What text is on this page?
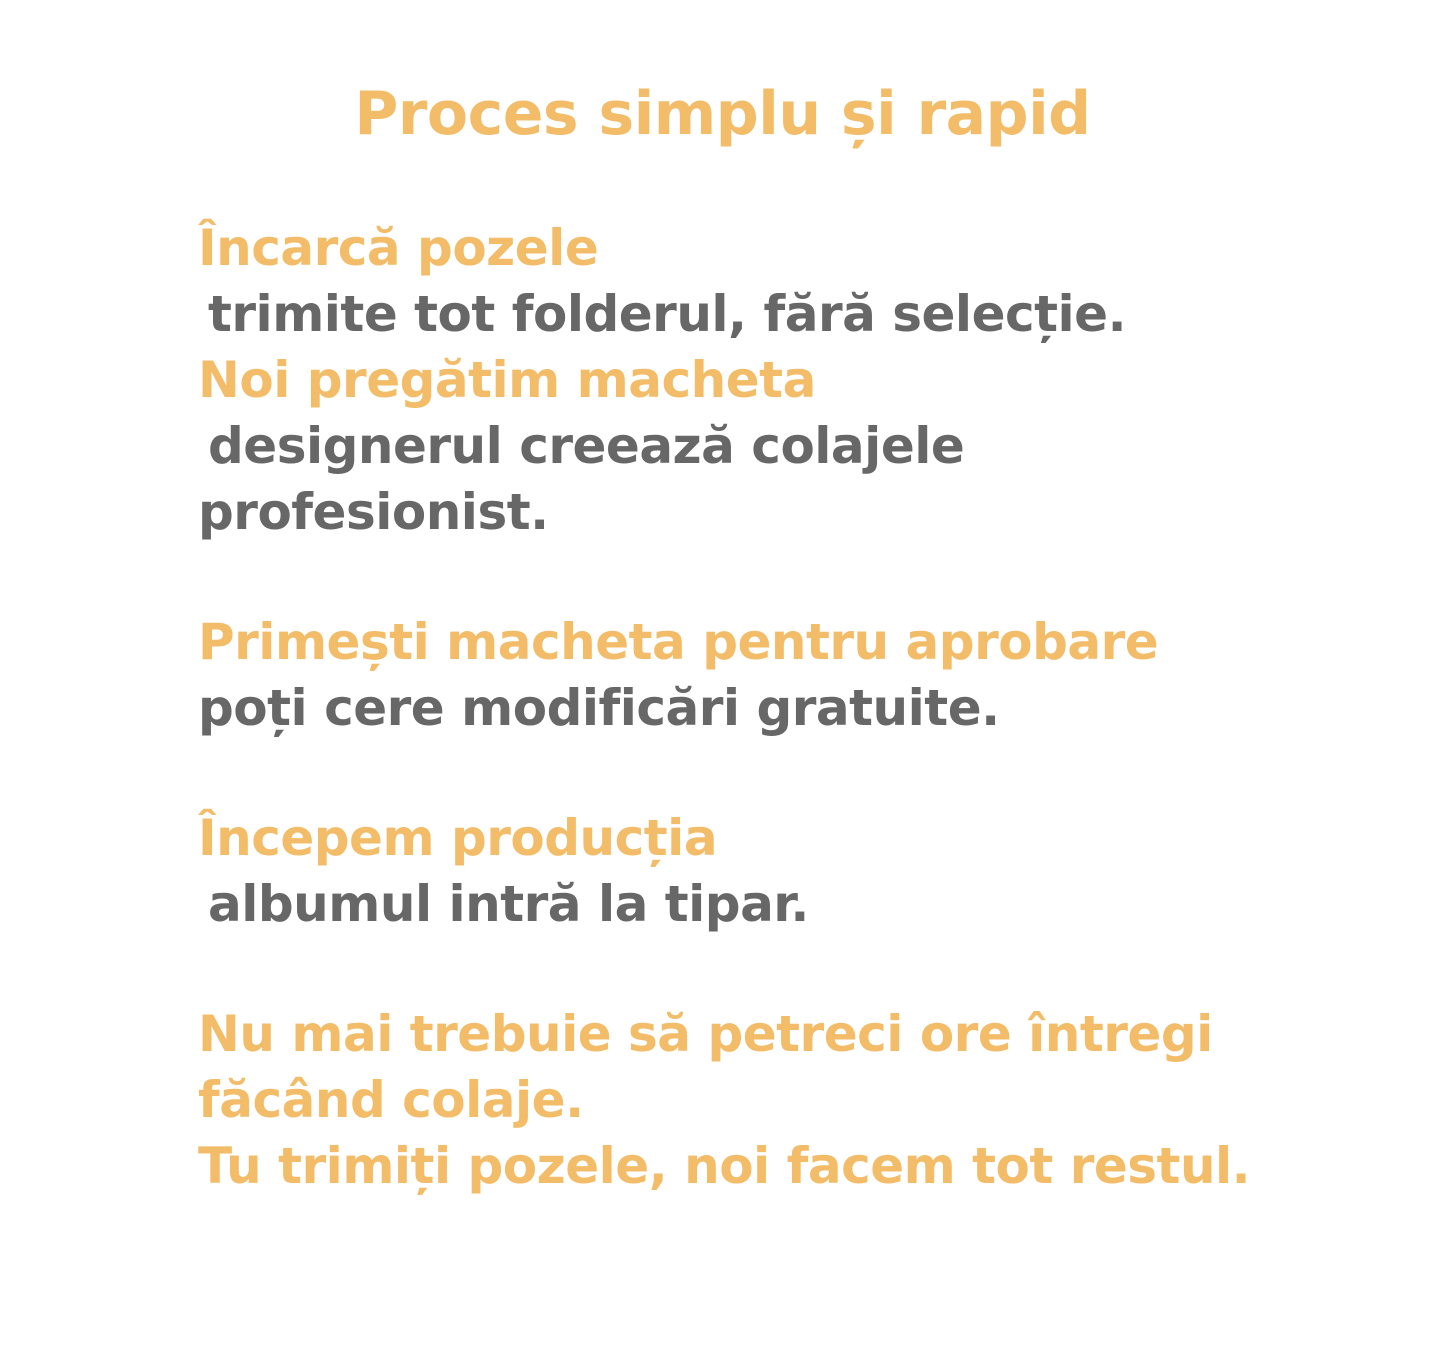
Proces simplu și rapid
Încarcă pozele
trimite tot folderul, fără selecție.
Noi pregătim macheta
designerul creează colajele
profesionist.
Primești macheta pentru aprobare
poți cere modificări gratuite.
Începem producția
albumul intră la tipar.
Nu mai trebuie să petreci ore întregi
făcând colaje.
Tu trimiți pozele, noi facem tot restul.
